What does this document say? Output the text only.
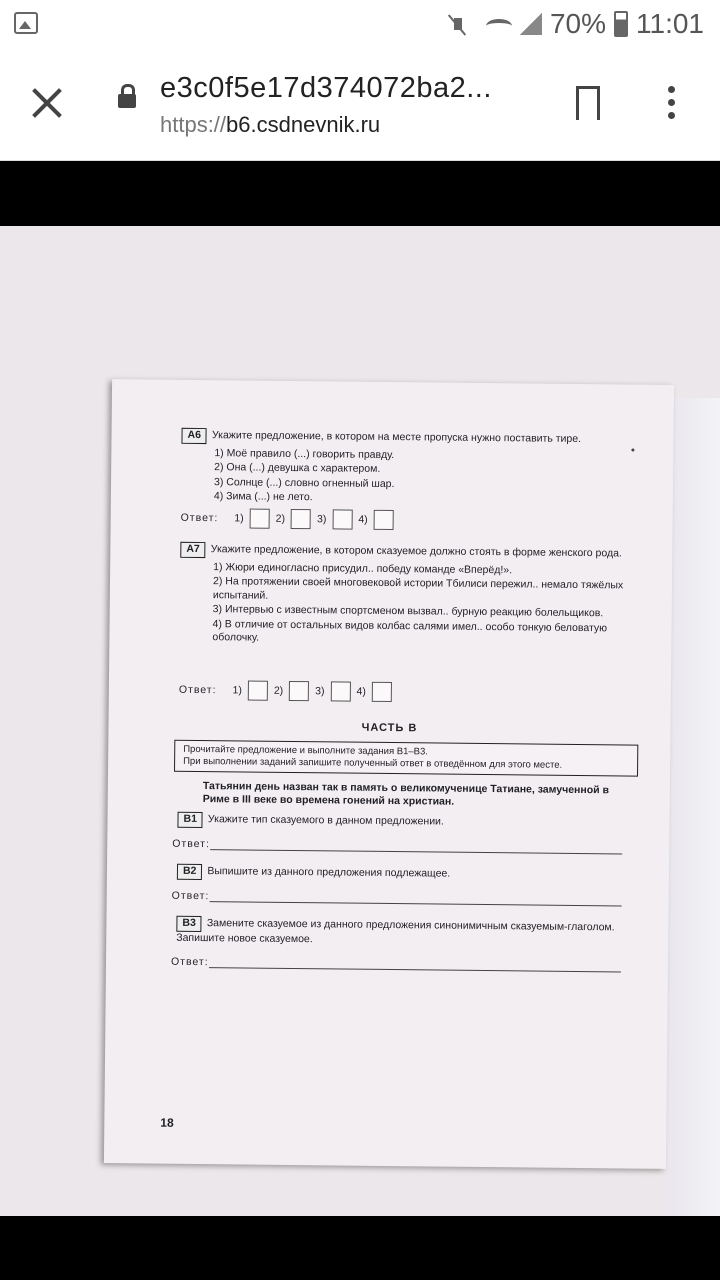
70% 11:01
e3c0f5e17d374072ba2...
https://b6.csdnevnik.ru
A6 Укажите предложение, в котором на месте пропуска нужно поставить тире.
1) Моё правило (...) говорить правду.
2) Она (...) девушка с характером.
3) Солнце (...) словно огненный шар.
4) Зима (...) не лето.
Ответ: 1)	2)	3)	4)
A7 Укажите предложение, в котором сказуемое должно стоять в форме женского рода.
1) Жюри единогласно присудил.. победу команде «Вперёд!».
2) На протяжении своей многовековой истории Тбилиси пережил.. немало тяжёлых испытаний.
3) Интервью с известным спортсменом вызвал.. бурную реакцию болельщиков.
4) В отличие от остальных видов колбас салями имел.. особо тонкую беловатую оболочку.
Ответ: 1)	2)	3)	4)
ЧАСТЬ В
Прочитайте предложение и выполните задания В1–В3.
При выполнении заданий запишите полученный ответ в отведённом для этого месте.
Татьянин день назван так в память о великомученице Татиане, замученной в Риме в III веке во времена гонений на христиан.
B1 Укажите тип сказуемого в данном предложении.
Ответ:
B2 Выпишите из данного предложения подлежащее.
Ответ:
B3 Замените сказуемое из данного предложения синонимичным сказуемым-глаголом. Запишите новое сказуемое.
Ответ:
18
